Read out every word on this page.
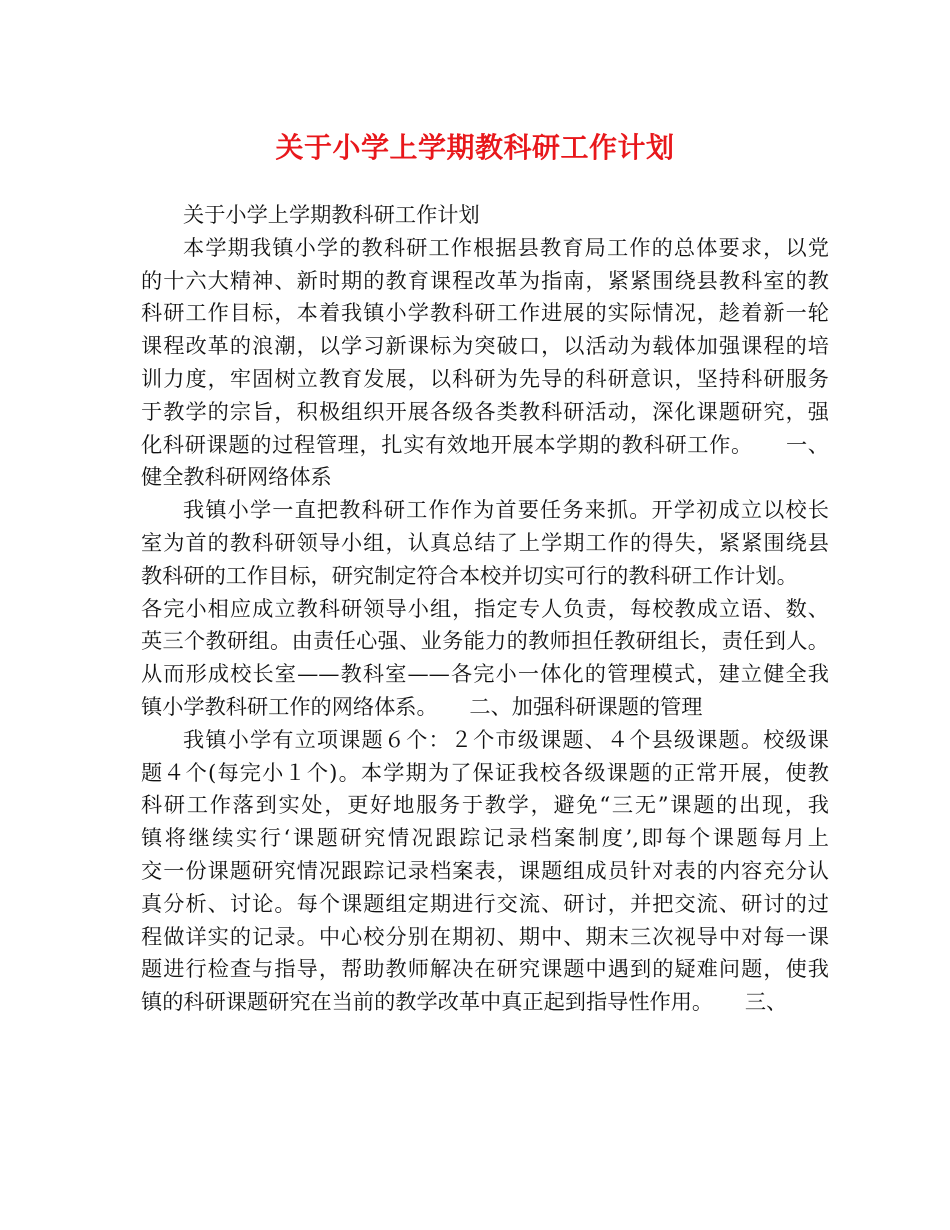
关于小学上学期教科研工作计划
关于小学上学期教科研工作计划
本学期我镇小学的教科研工作根据县教育局工作的总体要求，以党
的十六大精神、新时期的教育课程改革为指南，紧紧围绕县教科室的教
科研工作目标，本着我镇小学教科研工作进展的实际情况，趁着新一轮
课程改革的浪潮，以学习新课标为突破口，以活动为载体加强课程的培
训力度，牢固树立教育发展，以科研为先导的科研意识，坚持科研服务
于教学的宗旨，积极组织开展各级各类教科研活动，深化课题研究，强
化科研课题的过程管理，扎实有效地开展本学期的教科研工作。　　一、
健全教科研网络体系
我镇小学一直把教科研工作作为首要任务来抓。开学初成立以校长
室为首的教科研领导小组，认真总结了上学期工作的得失，紧紧围绕县
教科研的工作目标，研究制定符合本校并切实可行的教科研工作计划。
各完小相应成立教科研领导小组，指定专人负责，每校教成立语、数、
英三个教研组。由责任心强、业务能力的教师担任教研组长，责任到人。
从而形成校长室——教科室——各完小一体化的管理模式，建立健全我
镇小学教科研工作的网络体系。　　二、加强科研课题的管理
我镇小学有立项课题６个：２个市级课题、４个县级课题。校级课
题４个(每完小１个)。本学期为了保证我校各级课题的正常开展，使教
科研工作落到实处，更好地服务于教学，避免“三无”课题的出现，我
镇将继续实行‘课题研究情况跟踪记录档案制度’,即每个课题每月上
交一份课题研究情况跟踪记录档案表，课题组成员针对表的内容充分认
真分析、讨论。每个课题组定期进行交流、研讨，并把交流、研讨的过
程做详实的记录。中心校分别在期初、期中、期末三次视导中对每一课
题进行检查与指导，帮助教师解决在研究课题中遇到的疑难问题，使我
镇的科研课题研究在当前的教学改革中真正起到指导性作用。　　三、
